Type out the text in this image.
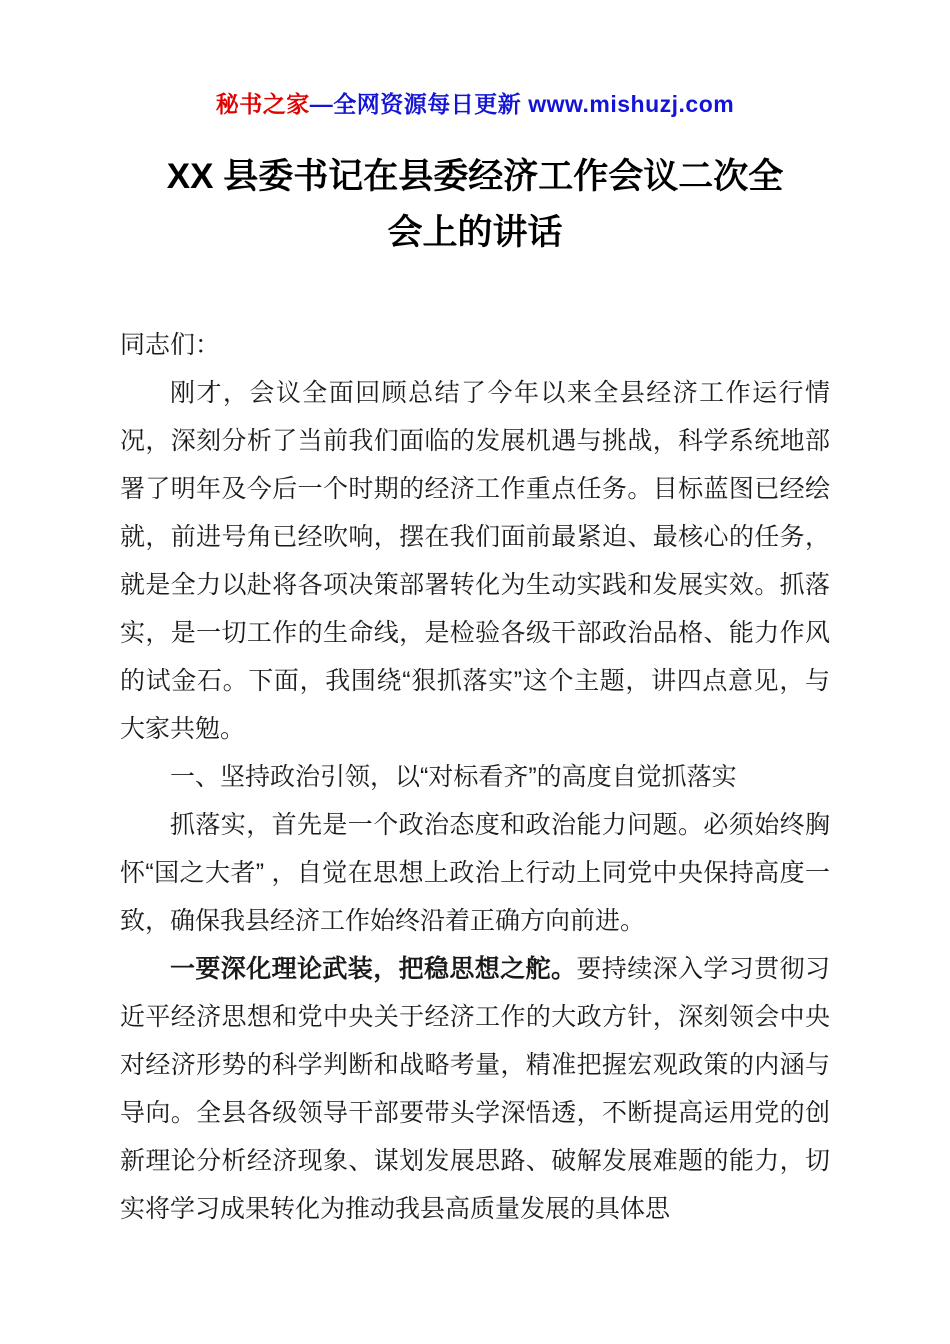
秘书之家—全网资源每日更新 www.mishuzj.com
XX 县委书记在县委经济工作会议二次全会上的讲话

同志们：

刚才，会议全面回顾总结了今年以来全县经济工作运行情况，深刻分析了当前我们面临的发展机遇与挑战，科学系统地部署了明年及今后一个时期的经济工作重点任务。目标蓝图已经绘就，前进号角已经吹响，摆在我们面前最紧迫、最核心的任务，就是全力以赴将各项决策部署转化为生动实践和发展实效。抓落实，是一切工作的生命线，是检验各级干部政治品格、能力作风的试金石。下面，我围绕“狠抓落实”这个主题，讲四点意见，与大家共勉。

一、坚持政治引领，以“对标看齐”的高度自觉抓落实

抓落实，首先是一个政治态度和政治能力问题。必须始终胸怀“国之大者” ，自觉在思想上政治上行动上同党中央保持高度一致，确保我县经济工作始终沿着正确方向前进。

一要深化理论武装，把稳思想之舵。要持续深入学习贯彻习近平经济思想和党中央关于经济工作的大政方针，深刻领会中央对经济形势的科学判断和战略考量，精准把握宏观政策的内涵与导向。全县各级领导干部要带头学深悟透，不断提高运用党的创新理论分析经济现象、谋划发展思路、破解发展难题的能力，切实将学习成果转化为推动我县高质量发展的具体思
